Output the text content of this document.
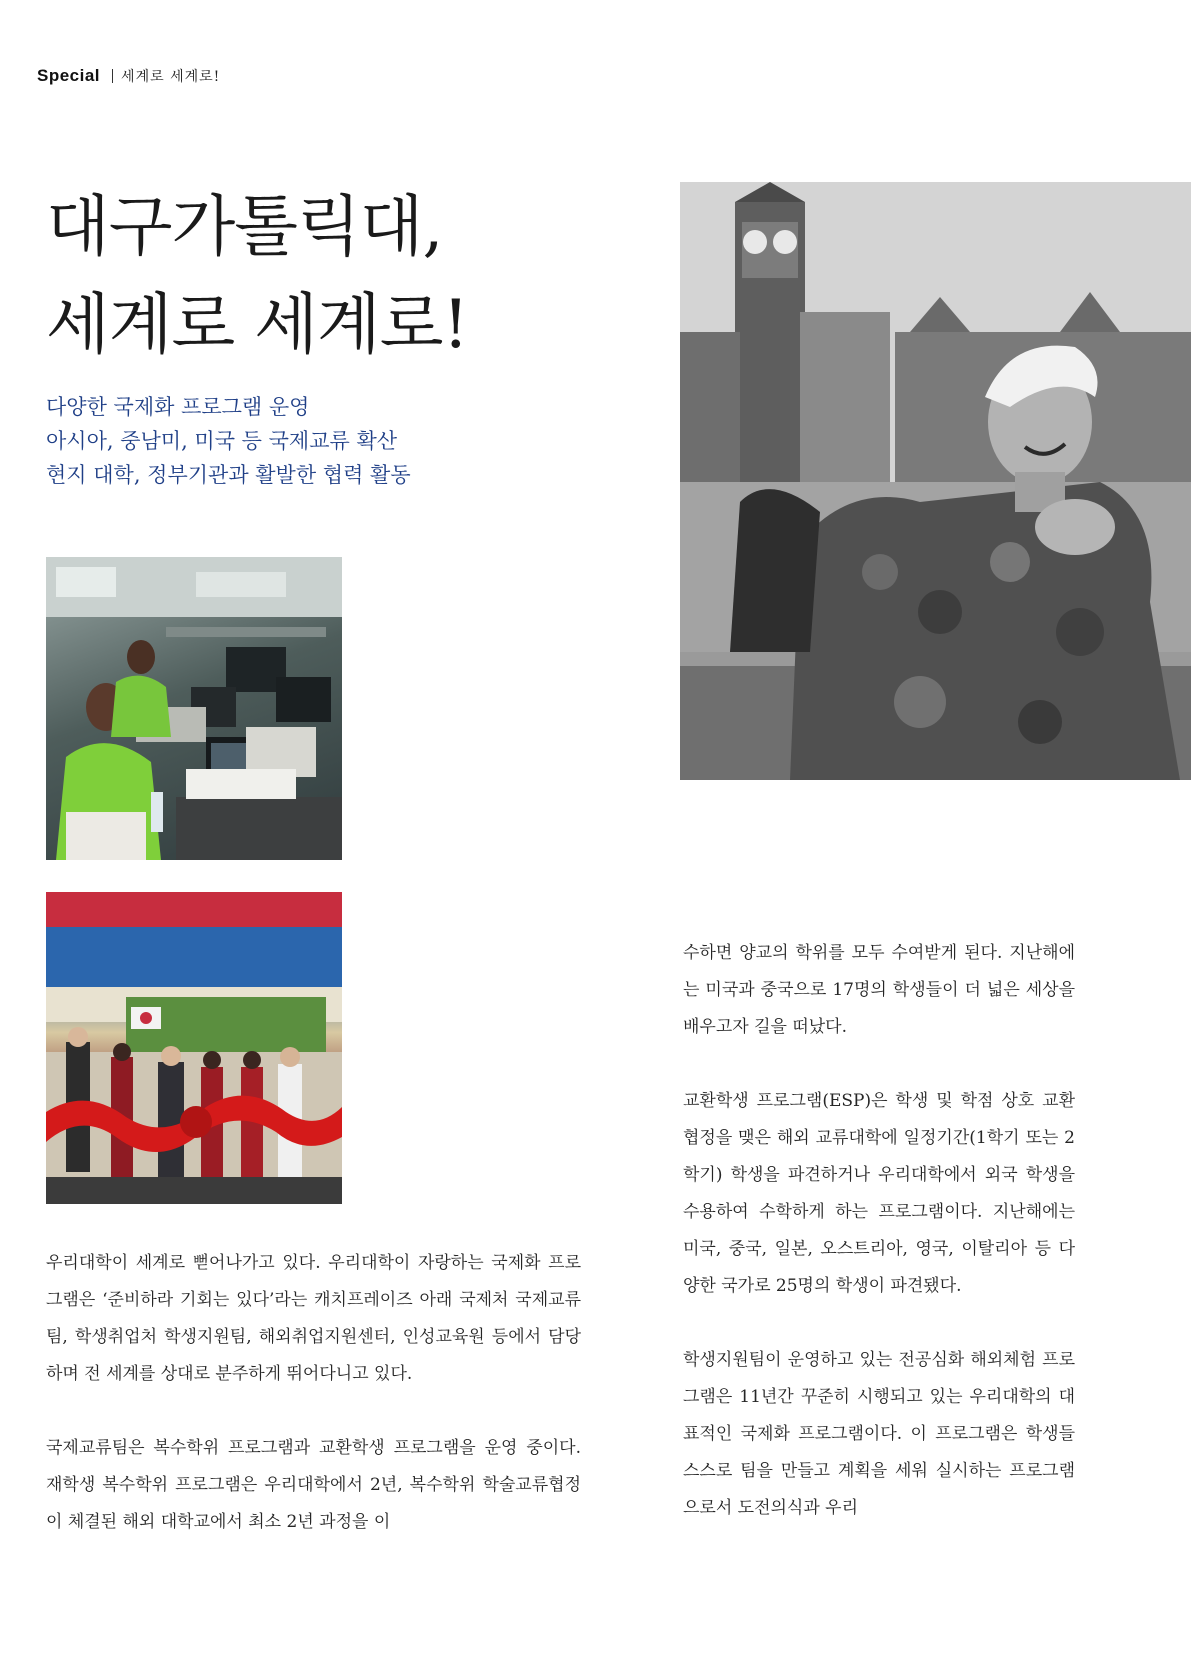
Special 세계로 세계로!
대구가톨릭대,
세계로 세계로!
다양한 국제화 프로그램 운영
아시아, 중남미, 미국 등 국제교류 확산
현지 대학, 정부기관과 활발한 협력 활동

우리대학이 세계로 뻗어나가고 있다. 우리대학이 자랑하는 국제화 프로그램은 ‘준비하라 기회는 있다’라는 캐치프레이즈 아래 국제처 국제교류팀, 학생취업처 학생지원팀, 해외취업지원센터, 인성교육원 등에서 담당하며 전 세계를 상대로 분주하게 뛰어다니고 있다.

국제교류팀은 복수학위 프로그램과 교환학생 프로그램을 운영 중이다. 재학생 복수학위 프로그램은 우리대학에서 2년, 복수학위 학술교류협정이 체결된 해외 대학교에서 최소 2년 과정을 이

수하면 양교의 학위를 모두 수여받게 된다. 지난해에는 미국과 중국으로 17명의 학생들이 더 넓은 세상을 배우고자 길을 떠났다.

교환학생 프로그램(ESP)은 학생 및 학점 상호 교환 협정을 맺은 해외 교류대학에 일정기간(1학기 또는 2학기) 학생을 파견하거나 우리대학에서 외국 학생을 수용하여 수학하게 하는 프로그램이다. 지난해에는 미국, 중국, 일본, 오스트리아, 영국, 이탈리아 등 다양한 국가로 25명의 학생이 파견됐다.

학생지원팀이 운영하고 있는 전공심화 해외체험 프로그램은 11년간 꾸준히 시행되고 있는 우리대학의 대표적인 국제화 프로그램이다. 이 프로그램은 학생들 스스로 팀을 만들고 계획을 세워 실시하는 프로그램으로서 도전의식과 우리
